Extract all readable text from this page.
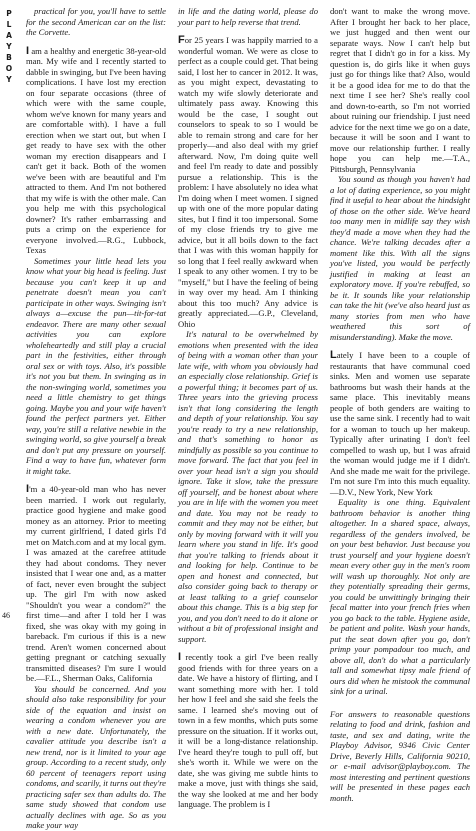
P
L
A
Y
B
O
Y
46

practical for you, you'll have to settle for the second American car on the list: the Corvette.

I am a healthy and energetic 38-year-old man. My wife and I recently started to dabble in swinging, but I've been having complications. I have lost my erection on four separate occasions (three of which were with the same couple, whom we've known for many years and are comfortable with). I have a full erection when we start out, but when I get ready to have sex with the other woman my erection disappears and I can't get it back. Both of the women we've been with are beautiful and I'm attracted to them. And I'm not bothered that my wife is with the other male. Can you help me with this psychological downer? It's rather embarrassing and puts a crimp on the experience for everyone involved.—R.G., Lubbock, Texas

Sometimes your little head lets you know what your big head is feeling. Just because you can't keep it up and penetrate doesn't mean you can't participate in other ways. Swinging isn't always a—excuse the pun—tit-for-tat endeavor. There are many other sexual activities you can explore wholeheartedly and still play a crucial part in the festivities, either through oral sex or with toys. Also, it's possible it's not you but them. In swinging as in the non-swinging world, sometimes you need a little chemistry to get things going. Maybe you and your wife haven't found the perfect partners yet. Either way, you're still a relative newbie in the swinging world, so give yourself a break and don't put any pressure on yourself. Find a way to have fun, whatever form it might take.

I'm a 40-year-old man who has never been married. I work out regularly, practice good hygiene and make good money as an attorney. Prior to meeting my current girlfriend, I dated girls I'd met on Match.com and at my local gym. I was amazed at the carefree attitude they had about condoms. They never insisted that I wear one and, as a matter of fact, never even brought the subject up. The girl I'm with now asked "Shouldn't you wear a condom?" the first time—and after I told her I was fixed, she was okay with my going in bareback. I'm curious if this is a new trend. Aren't women concerned about getting pregnant or catching sexually transmitted diseases? I'm sure I would be.—F.L., Sherman Oaks, California

You should be concerned. And you should also take responsibility for your side of the equation and insist on wearing a condom whenever you are with a new date. Unfortunately, the cavalier attitude you describe isn't a new trend, nor is it limited to your age group. According to a recent study, only 60 percent of teenagers report using condoms, and scarily, it turns out they're practicing safer sex than adults do. The same study showed that condom use actually declines with age. So as you make your way

in life and the dating world, please do your part to help reverse that trend.

For 25 years I was happily married to a wonderful woman. We were as close to perfect as a couple could get. That being said, I lost her to cancer in 2012. It was, as you might expect, devastating to watch my wife slowly deteriorate and ultimately pass away. Knowing this would be the case, I sought out counselors to speak to so I would be able to remain strong and care for her properly—and also deal with my grief afterward. Now, I'm doing quite well and feel I'm ready to date and possibly pursue a relationship. This is the problem: I have absolutely no idea what I'm doing when I meet women. I signed up with one of the more popular dating sites, but I find it too impersonal. Some of my close friends try to give me advice, but it all boils down to the fact that I was with this woman happily for so long that I feel really awkward when I speak to any other women. I try to be "myself," but I have the feeling of being in way over my head. Am I thinking about this too much? Any advice is greatly appreciated.—G.P., Cleveland, Ohio

It's natural to be overwhelmed by emotions when presented with the idea of being with a woman other than your late wife, with whom you obviously had an especially close relationship. Grief is a powerful thing; it becomes part of us. Three years into the grieving process isn't that long considering the length and depth of your relationship. You say you're ready to try a new relationship, and that's something to honor as mindfully as possible so you continue to move forward. The fact that you feel in over your head isn't a sign you should ignore. Take it slow, take the pressure off yourself, and be honest about where you are in life with the women you meet and date. You may not be ready to commit and they may not be either, but only by moving forward with it will you learn where you stand in life. It's good that you're talking to friends about it and looking for help. Continue to be open and honest and connected, but also consider going back to therapy or at least talking to a grief counselor about this change. This is a big step for you, and you don't need to do it alone or without a bit of professional insight and support.

I recently took a girl I've been really good friends with for three years on a date. We have a history of flirting, and I want something more with her. I told her how I feel and she said she feels the same. I learned she's moving out of town in a few months, which puts some pressure on the situation. If it works out, it will be a long-distance relationship. I've heard they're tough to pull off, but she's worth it. While we were on the date, she was giving me subtle hints to make a move, just with things she said, the way she looked at me and her body language. The problem is I

don't want to make the wrong move. After I brought her back to her place, we just hugged and then went our separate ways. Now I can't help but regret that I didn't go in for a kiss. My question is, do girls like it when guys just go for things like that? Also, would it be a good idea for me to do that the next time I see her? She's really cool and down-to-earth, so I'm not worried about ruining our friendship. I just need advice for the next time we go on a date, because it will be soon and I want to move our relationship further. I really hope you can help me.—T.A., Pittsburgh, Pennsylvania

You sound as though you haven't had a lot of dating experience, so you might find it useful to hear about the hindsight of those on the other side. We've heard too many men in midlife say they wish they'd made a move when they had the chance. We're talking decades after a moment like this. With all the signs you've listed, you would be perfectly justified in making at least an exploratory move. If you're rebuffed, so be it. It sounds like your relationship can take the hit (we've also heard just as many stories from men who have weathered this sort of misunderstanding). Make the move.

Lately I have been to a couple of restaurants that have communal coed sinks. Men and women use separate bathrooms but wash their hands at the same place. This inevitably means people of both genders are waiting to use the same sink. I recently had to wait for a woman to touch up her makeup. Typically after urinating I don't feel compelled to wash up, but I was afraid the woman would judge me if I didn't. And she made me wait for the privilege. I'm not sure I'm into this much equality.—D.V., New York, New York

Equality is one thing. Equivalent bathroom behavior is another thing altogether. In a shared space, always, regardless of the genders involved, be on your best behavior. Just because you trust yourself and your hygiene doesn't mean every other guy in the men's room will wash up thoroughly. Not only are they potentially spreading their germs, you could be unwittingly bringing their fecal matter into your french fries when you go back to the table. Hygiene aside, be patient and polite. Wash your hands, put the seat down after you go, don't primp your pompadour too much, and above all, don't do what a particularly tall and somewhat tipsy male friend of ours did when he mistook the communal sink for a urinal.

For answers to reasonable questions relating to food and drink, fashion and taste, and sex and dating, write the Playboy Advisor, 9346 Civic Center Drive, Beverly Hills, California 90210, or e-mail advisor@playboy.com. The most interesting and pertinent questions will be presented in these pages each month.
